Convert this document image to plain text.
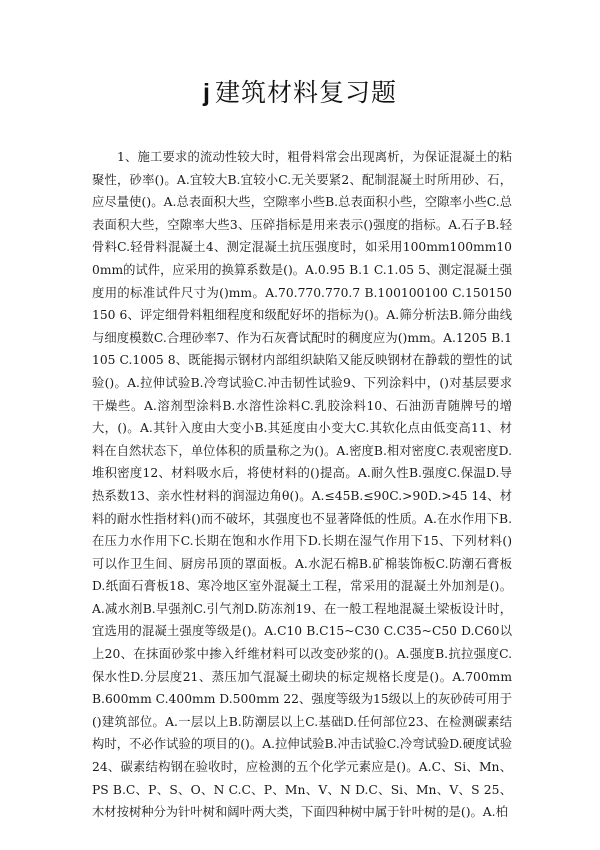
j 建筑材料复习题

1、施工要求的流动性较大时，粗骨料常会出现离析，为保证混凝土的粘聚性，砂率()。A.宜较大B.宜较小C.无关要紧2、配制混凝土时所用砂、石，应尽量使()。A.总表面积大些，空隙率小些B.总表面积小些，空隙率小些C.总表面积大些，空隙率大些3、压碎指标是用来表示()强度的指标。A.石子B.轻骨料C.轻骨料混凝土4、测定混凝土抗压强度时，如采用100mm100mm100mm的试件，应采用的换算系数是()。A.0.95 B.1 C.1.05 5、测定混凝土强度用的标准试件尺寸为()mm。A.70.770.770.7 B.100100100 C.150150150 6、评定细骨料粗细程度和级配好坏的指标为()。A.筛分析法B.筛分曲线与细度模数C.合理砂率7、作为石灰膏试配时的稠度应为()mm。A.1205 B.1105 C.1005 8、既能揭示钢材内部组织缺陷又能反映钢材在静载的塑性的试验()。A.拉伸试验B.冷弯试验C.冲击韧性试验9、下列涂料中，()对基层要求干燥些。A.溶剂型涂料B.水溶性涂料C.乳胶涂料10、石油沥青随牌号的增大，()。A.其针入度由大变小B.其延度由小变大C.其软化点由低变高11、材料在自然状态下，单位体积的质量称之为()。A.密度B.相对密度C.表观密度D.堆积密度12、材料吸水后，将使材料的()提高。A.耐久性B.强度C.保温D.导热系数13、亲水性材料的润湿边角θ()。A.≤45B.≤90C.>90D.>45 14、材料的耐水性指材料()而不破坏，其强度也不显著降低的性质。A.在水作用下B.在压力水作用下C.长期在饱和水作用下D.长期在湿气作用下15、下列材料()可以作卫生间、厨房吊顶的罩面板。A.水泥石棉B.矿棉装饰板C.防潮石膏板D.纸面石膏板18、寒冷地区室外混凝土工程，常采用的混凝土外加剂是()。A.减水剂B.早强剂C.引气剂D.防冻剂19、在一般工程地混凝土梁板设计时，宜选用的混凝土强度等级是()。A.C10 B.C15~C30 C.C35~C50 D.C60以上20、在抹面砂浆中掺入纤维材料可以改变砂浆的()。A.强度B.抗拉强度C.保水性D.分层度21、蒸压加气混凝土砌块的标定规格长度是()。A.700mm B.600mm C.400mm D.500mm 22、强度等级为15级以上的灰砂砖可用于()建筑部位。A.一层以上B.防潮层以上C.基础D.任何部位23、在检测碳素结构时，不必作试验的项目的()。A.拉伸试验B.冲击试验C.冷弯试验D.硬度试验24、碳素结构钢在验收时，应检测的五个化学元素应是()。A.C、Si、Mn、PS B.C、P、S、O、N C.C、P、Mn、V、N D.C、Si、Mn、V、S 25、木材按树种分为针叶树和阔叶两大类，下面四种树中属于针叶树的是()。A.柏
